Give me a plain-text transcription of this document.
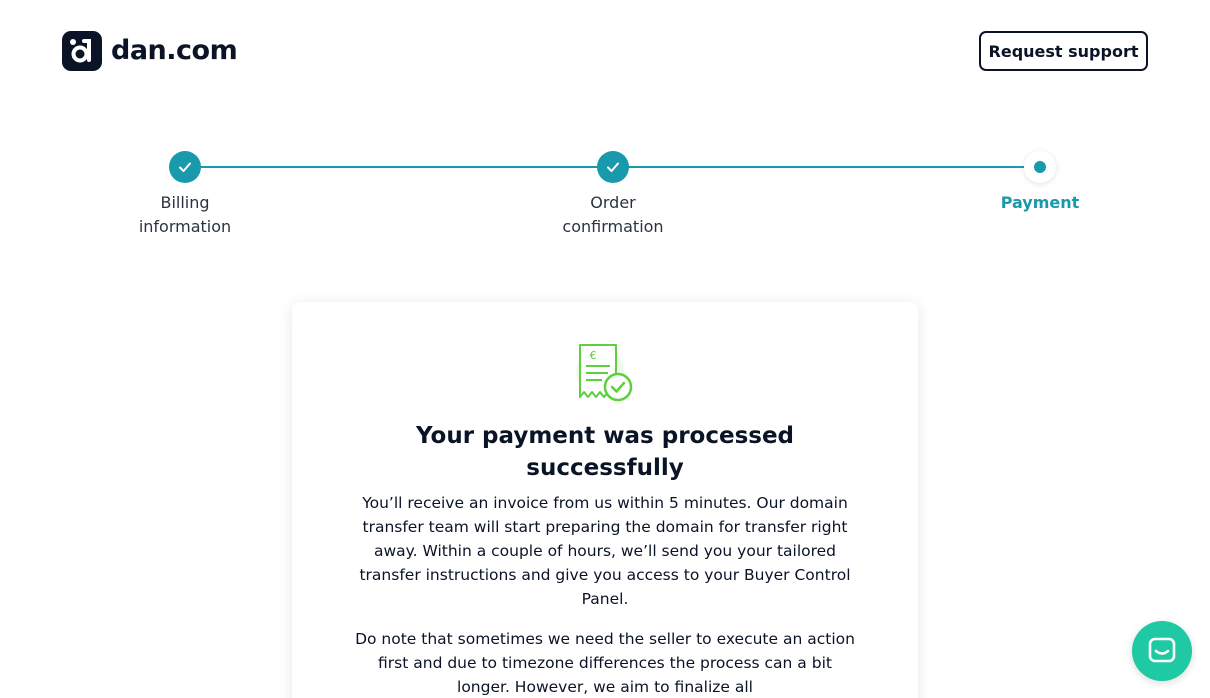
dan.com	Request support
Billing
information
Order
confirmation
Payment
€
Your payment was processed successfully

You’ll receive an invoice from us within 5 minutes. Our domain transfer team will start preparing the domain for transfer right away. Within a couple of hours, we’ll send you your tailored transfer instructions and give you access to your Buyer Control Panel.

Do note that sometimes we need the seller to execute an action first and due to timezone differences the process can a bit longer. However, we aim to finalize all
